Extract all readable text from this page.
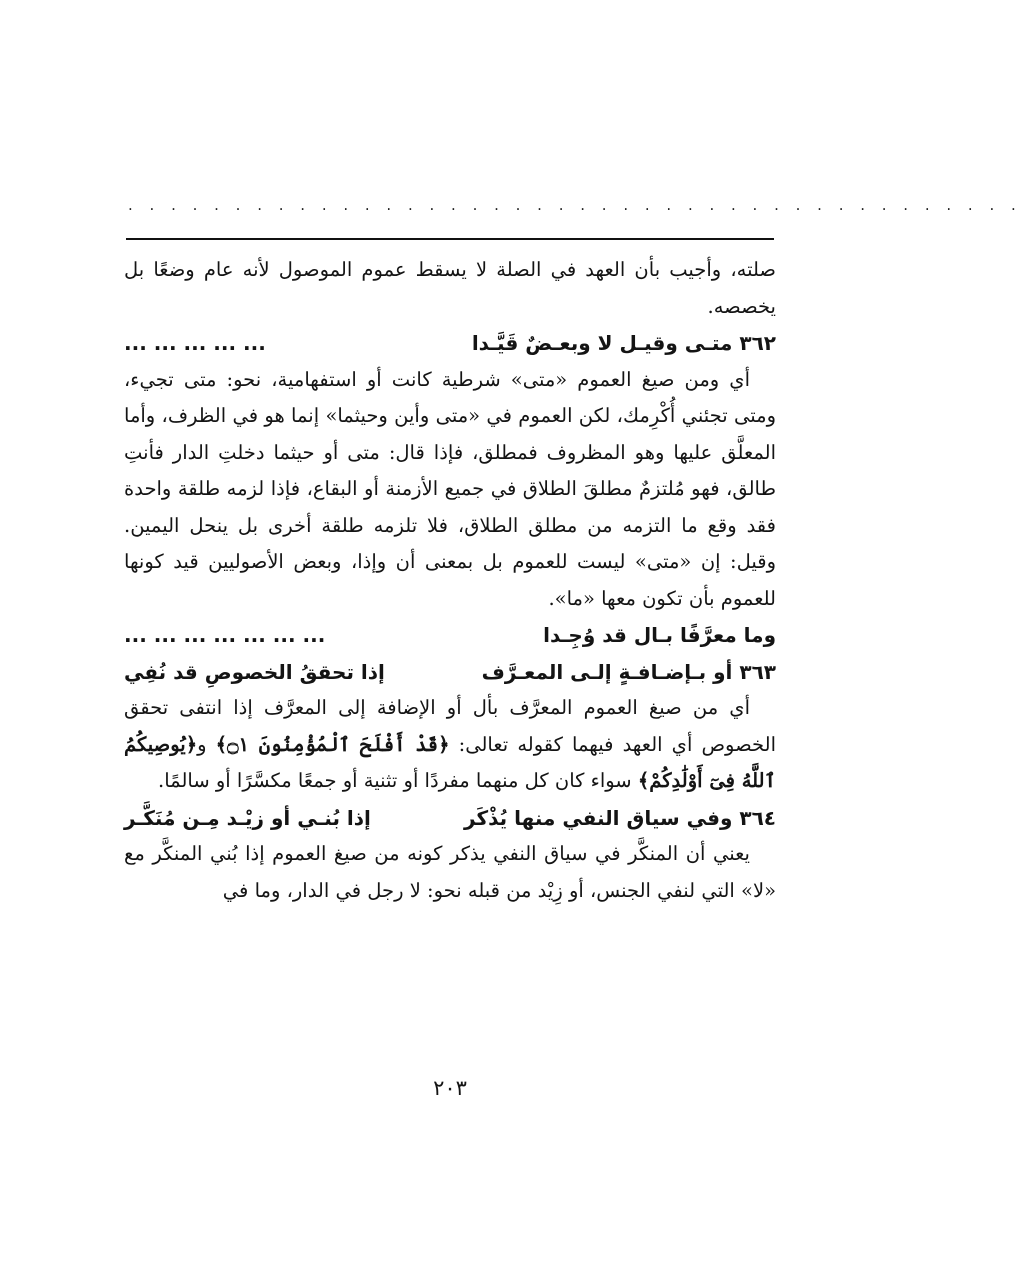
. . . . . . . . . . . . . . . . . . . . . . . . . . . . . . . . . . . . . . . . . .

صلته، وأجيب بأن العهد في الصلة لا يسقط عموم الموصول لأنه عام وضعًا بل يخصصه.

٣٦٢ متـى وقيـل لا وبعـضٌ قَيَّـدا
... ... ... ... ...

أي ومن صيغ العموم «متى» شرطية كانت أو استفهامية، نحو: متى تجيء، ومتى تجئني أُكْرِمك، لكن العموم في «متى وأين وحيثما» إنما هو في الظرف، وأما المعلَّق عليها وهو المظروف فمطلق، فإذا قال: متى أو حيثما دخلتِ الدار فأنتِ طالق، فهو مُلتزمٌ مطلقَ الطلاق في جميع الأزمنة أو البقاع، فإذا لزمه طلقة واحدة فقد وقع ما التزمه من مطلق الطلاق، فلا تلزمه طلقة أخرى بل ينحل اليمين. وقيل: إن «متى» ليست للعموم بل بمعنى أن وإذا، وبعض الأصوليين قيد كونها للعموم بأن تكون معها «ما».

وما معرَّفًا بـال قد وُجِـدا
... ... ... ... ... ... ...
٣٦٣ أو بـإضـافـةٍ إلـى المعـرَّف
إذا تحققُ الخصوصِ قد نُفِي

أي من صيغ العموم المعرَّف بأل أو الإضافة إلى المعرَّف إذا انتفى تحقق الخصوص أي العهد فيهما كقوله تعالى: ﴿قَدْ أَفْلَحَ ٱلْمُؤْمِنُونَ ۝١﴾ و﴿يُوصِيكُمُ ٱللَّهُ فِىٓ أَوْلَٰدِكُمْ﴾ سواء كان كل منهما مفردًا أو تثنية أو جمعًا مكسَّرًا أو سالمًا.

٣٦٤ وفي سياق النفي منها يُذْكَر
إذا بُنـي أو زيْـد مِـن مُنَكَّـر

يعني أن المنكَّر في سياق النفي يذكر كونه من صيغ العموم إذا بُني المنكَّر مع «لا» التي لنفي الجنس، أو زِيْد من قبله نحو: لا رجل في الدار، وما في

٢٠٣
